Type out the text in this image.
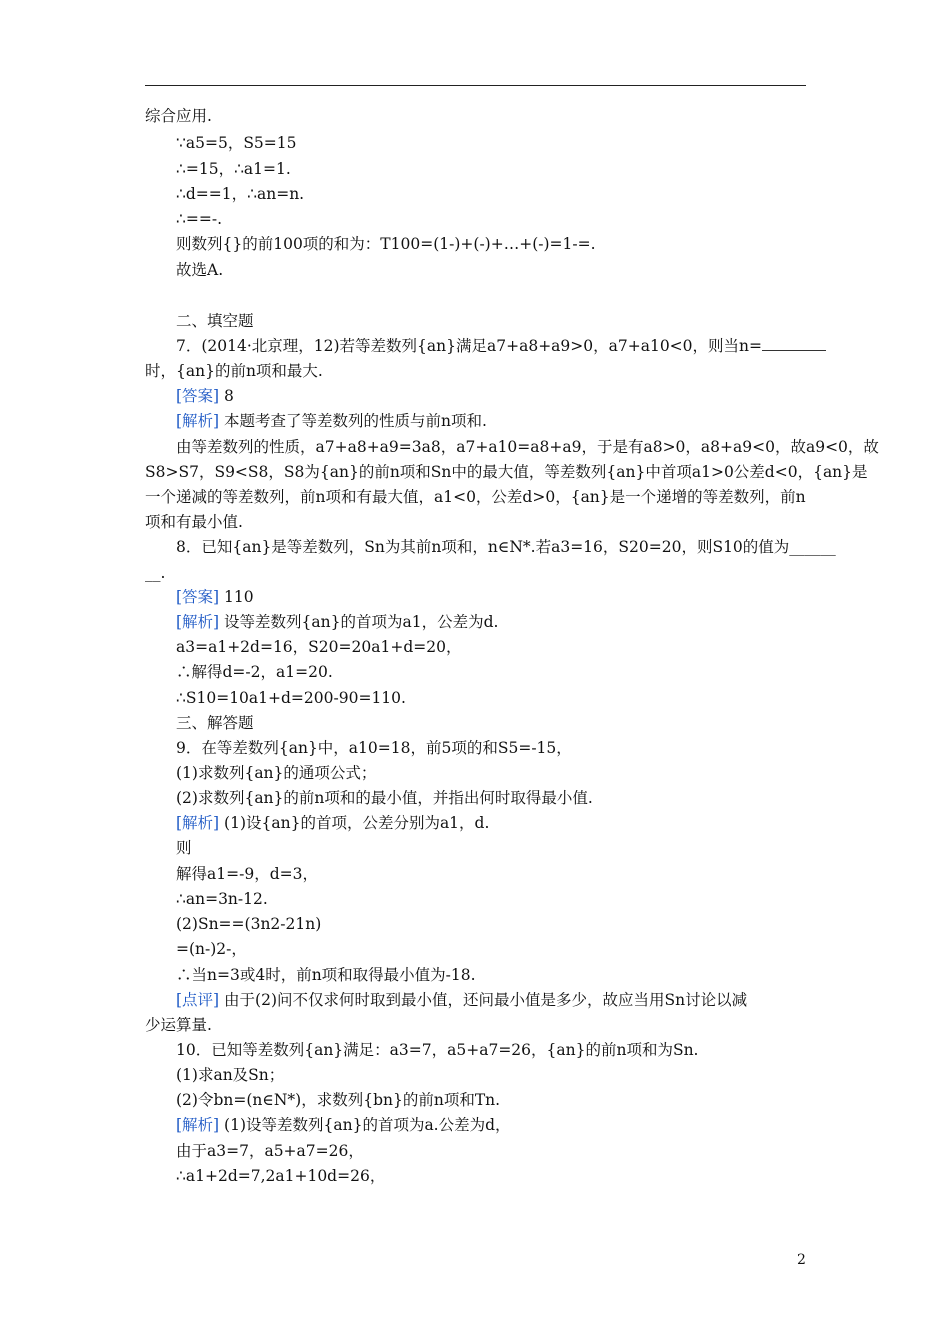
综合应用.
∵a5=5，S5=15
∴=15，∴a1=1.
∴d==1，∴an=n.
∴==-.
则数列{}的前100项的和为：T100=(1-)+(-)+…+(-)=1-=.
故选A.
二、填空题
7．(2014·北京理，12)若等差数列{an}满足a7+a8+a9>0，a7+a10<0，则当n=
时，{an}的前n项和最大.
[答案] 8
[解析] 本题考查了等差数列的性质与前n项和.
由等差数列的性质，a7+a8+a9=3a8，a7+a10=a8+a9，于是有a8>0，a8+a9<0，故a9<0，故
S8>S7，S9<S8，S8为{an}的前n项和Sn中的最大值，等差数列{an}中首项a1>0公差d<0，{an}是
一个递减的等差数列，前n项和有最大值，a1<0，公差d>0，{an}是一个递增的等差数列，前n
项和有最小值.
8．已知{an}是等差数列，Sn为其前n项和，n∈N*.若a3=16，S20=20，则S10的值为______
__.
[答案] 110
[解析] 设等差数列{an}的首项为a1，公差为d.
a3=a1+2d=16，S20=20a1+d=20，
∴解得d=-2，a1=20.
∴S10=10a1+d=200-90=110.
三、解答题
9．在等差数列{an}中，a10=18，前5项的和S5=-15，
(1)求数列{an}的通项公式；
(2)求数列{an}的前n项和的最小值，并指出何时取得最小值.
[解析] (1)设{an}的首项，公差分别为a1，d.
则
解得a1=-9，d=3，
∴an=3n-12.
(2)Sn==(3n2-21n)
=(n-)2-，
∴当n=3或4时，前n项和取得最小值为-18.
[点评] 由于(2)问不仅求何时取到最小值，还问最小值是多少，故应当用Sn讨论以减
少运算量.
10．已知等差数列{an}满足：a3=7，a5+a7=26，{an}的前n项和为Sn.
(1)求an及Sn；
(2)令bn=(n∈N*)，求数列{bn}的前n项和Tn.
[解析] (1)设等差数列{an}的首项为a.公差为d，
由于a3=7，a5+a7=26，
∴a1+2d=7,2a1+10d=26，
2
